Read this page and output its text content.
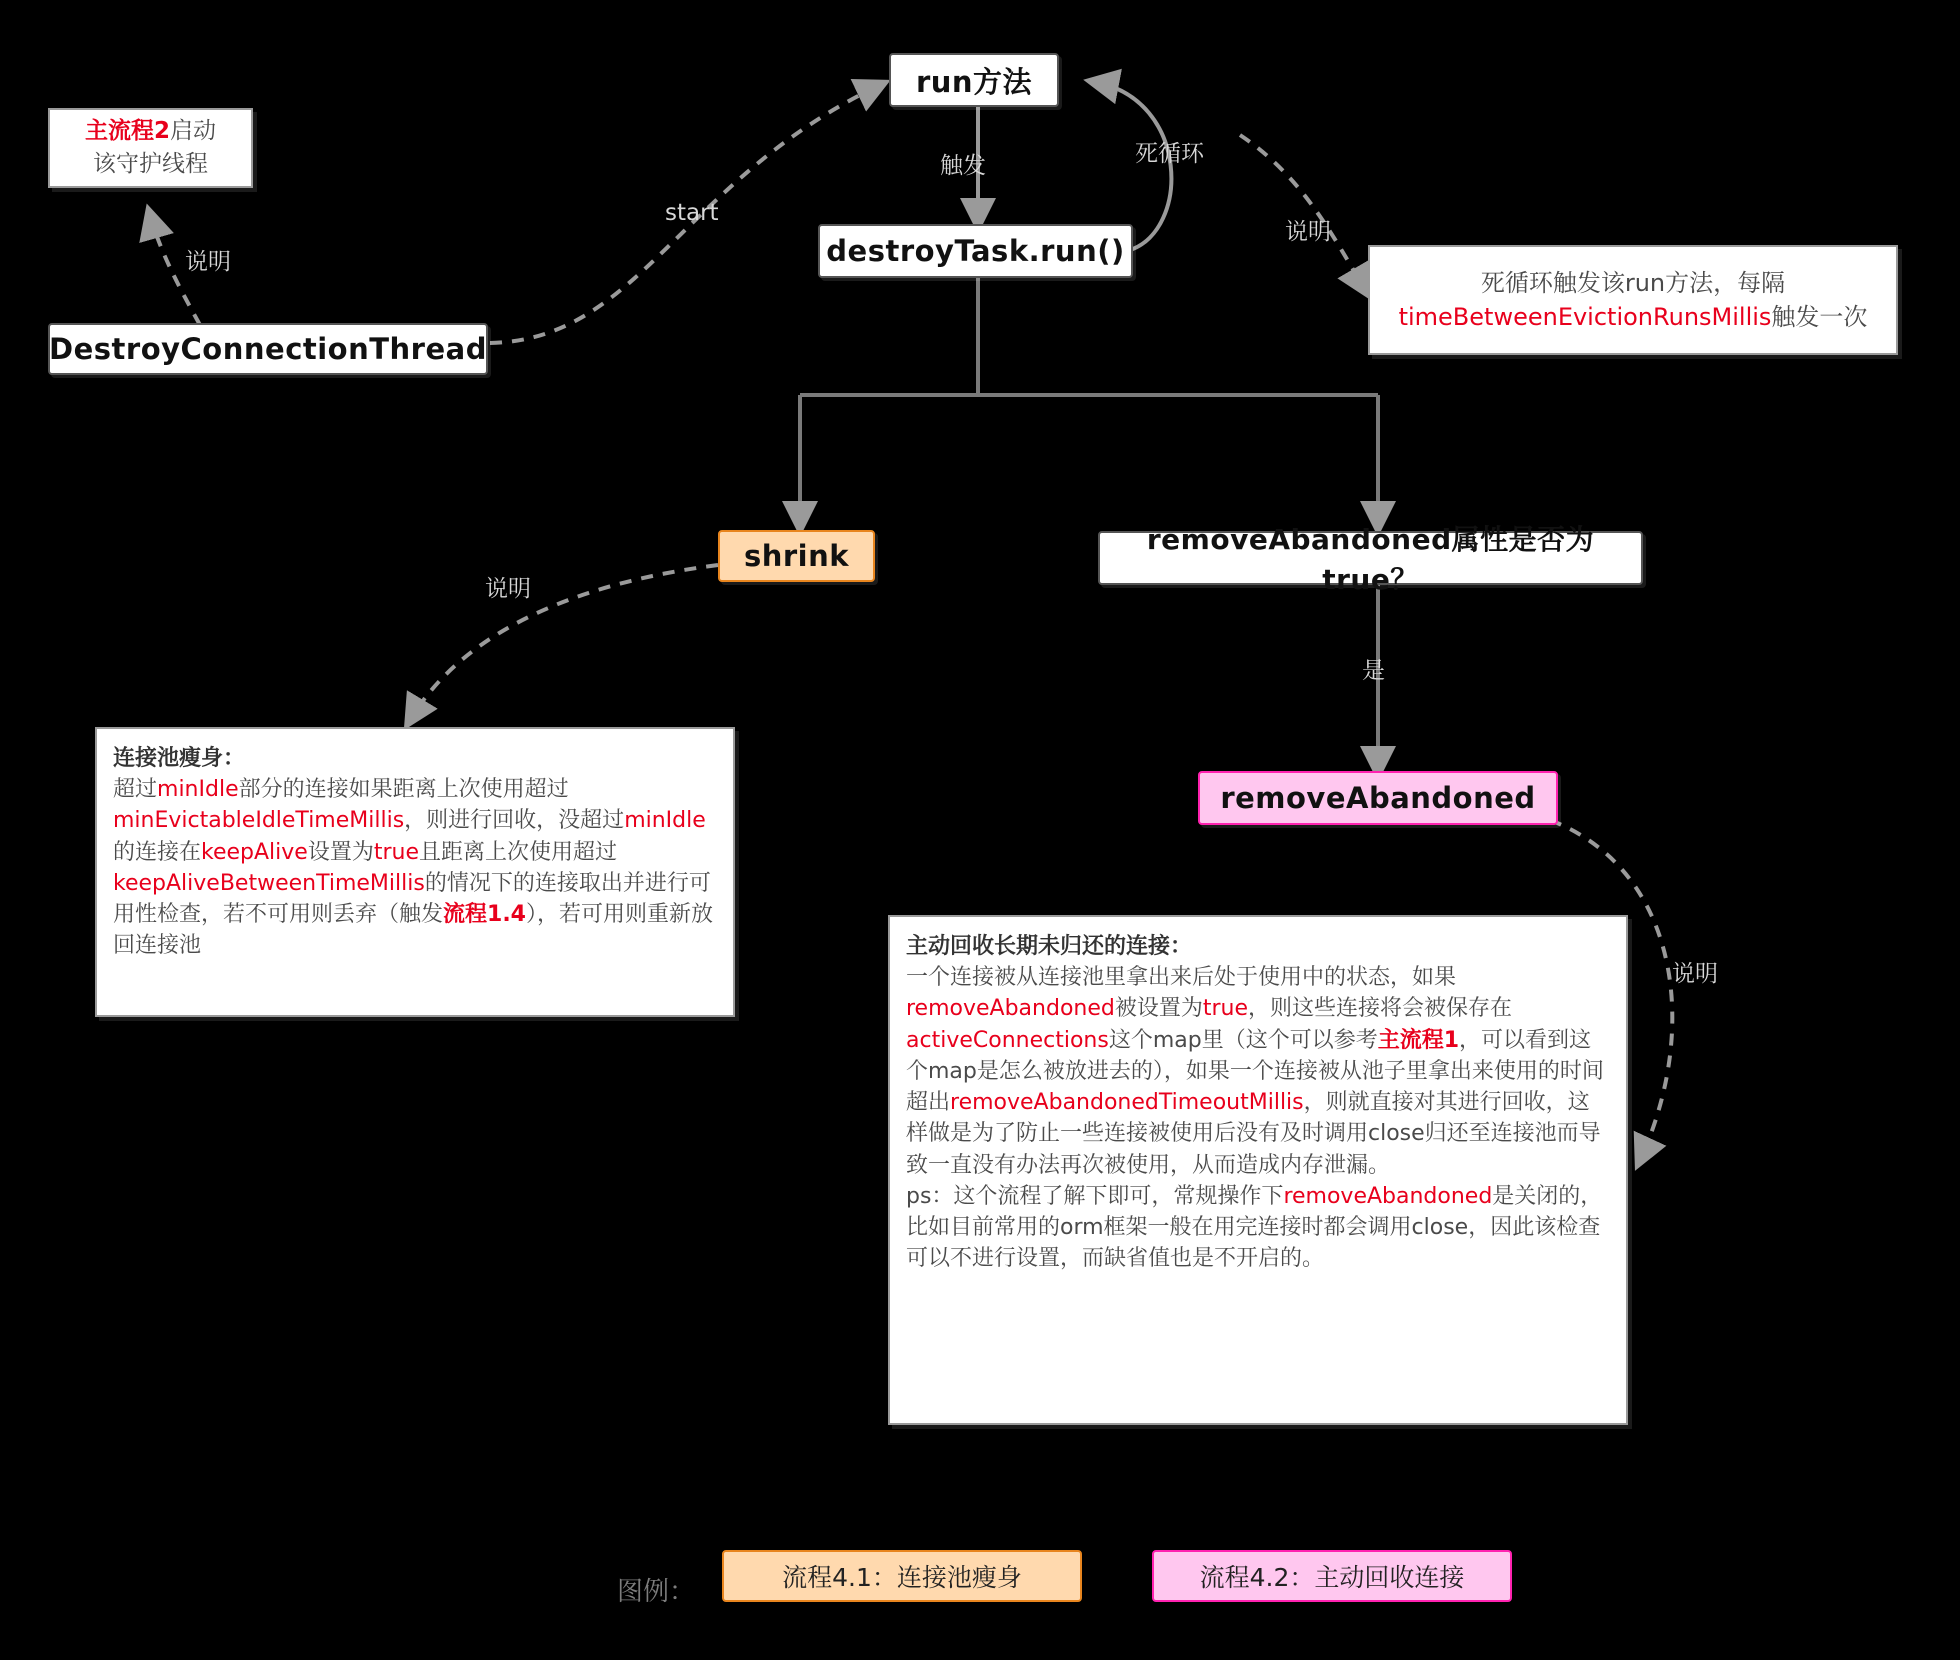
主流程2启动
该守护线程
DestroyConnectionThread
run方法
destroyTask.run()
死循环触发该run方法，每隔
timeBetweenEvictionRunsMillis触发一次
shrink	removeAbandoned属性是否为true？
removeAbandoned
连接池瘦身：
超过minIdle部分的连接如果距离上次使用超过minEvictableIdleTimeMillis，则进行回收，没超过minIdle的连接在keepAlive设置为true且距离上次使用超过keepAliveBetweenTimeMillis的情况下的连接取出并进行可用性检查，若不可用则丢弃（触发流程1.4），若可用则重新放回连接池	主动回收长期未归还的连接：
一个连接被从连接池里拿出来后处于使用中的状态，如果removeAbandoned被设置为true，则这些连接将会被保存在activeConnections这个map里（这个可以参考主流程1，可以看到这个map是怎么被放进去的），如果一个连接被从池子里拿出来使用的时间超出removeAbandonedTimeoutMillis，则就直接对其进行回收，这样做是为了防止一些连接被使用后没有及时调用close归还至连接池而导致一直没有办法再次被使用，从而造成内存泄漏。
ps：这个流程了解下即可，常规操作下removeAbandoned是关闭的，比如目前常用的orm框架一般在用完连接时都会调用close，因此该检查可以不进行设置，而缺省值也是不开启的。
说明
start
触发	死循环
说明
说明
是
说明
图例：	流程4.1：连接池瘦身	流程4.2：主动回收连接
